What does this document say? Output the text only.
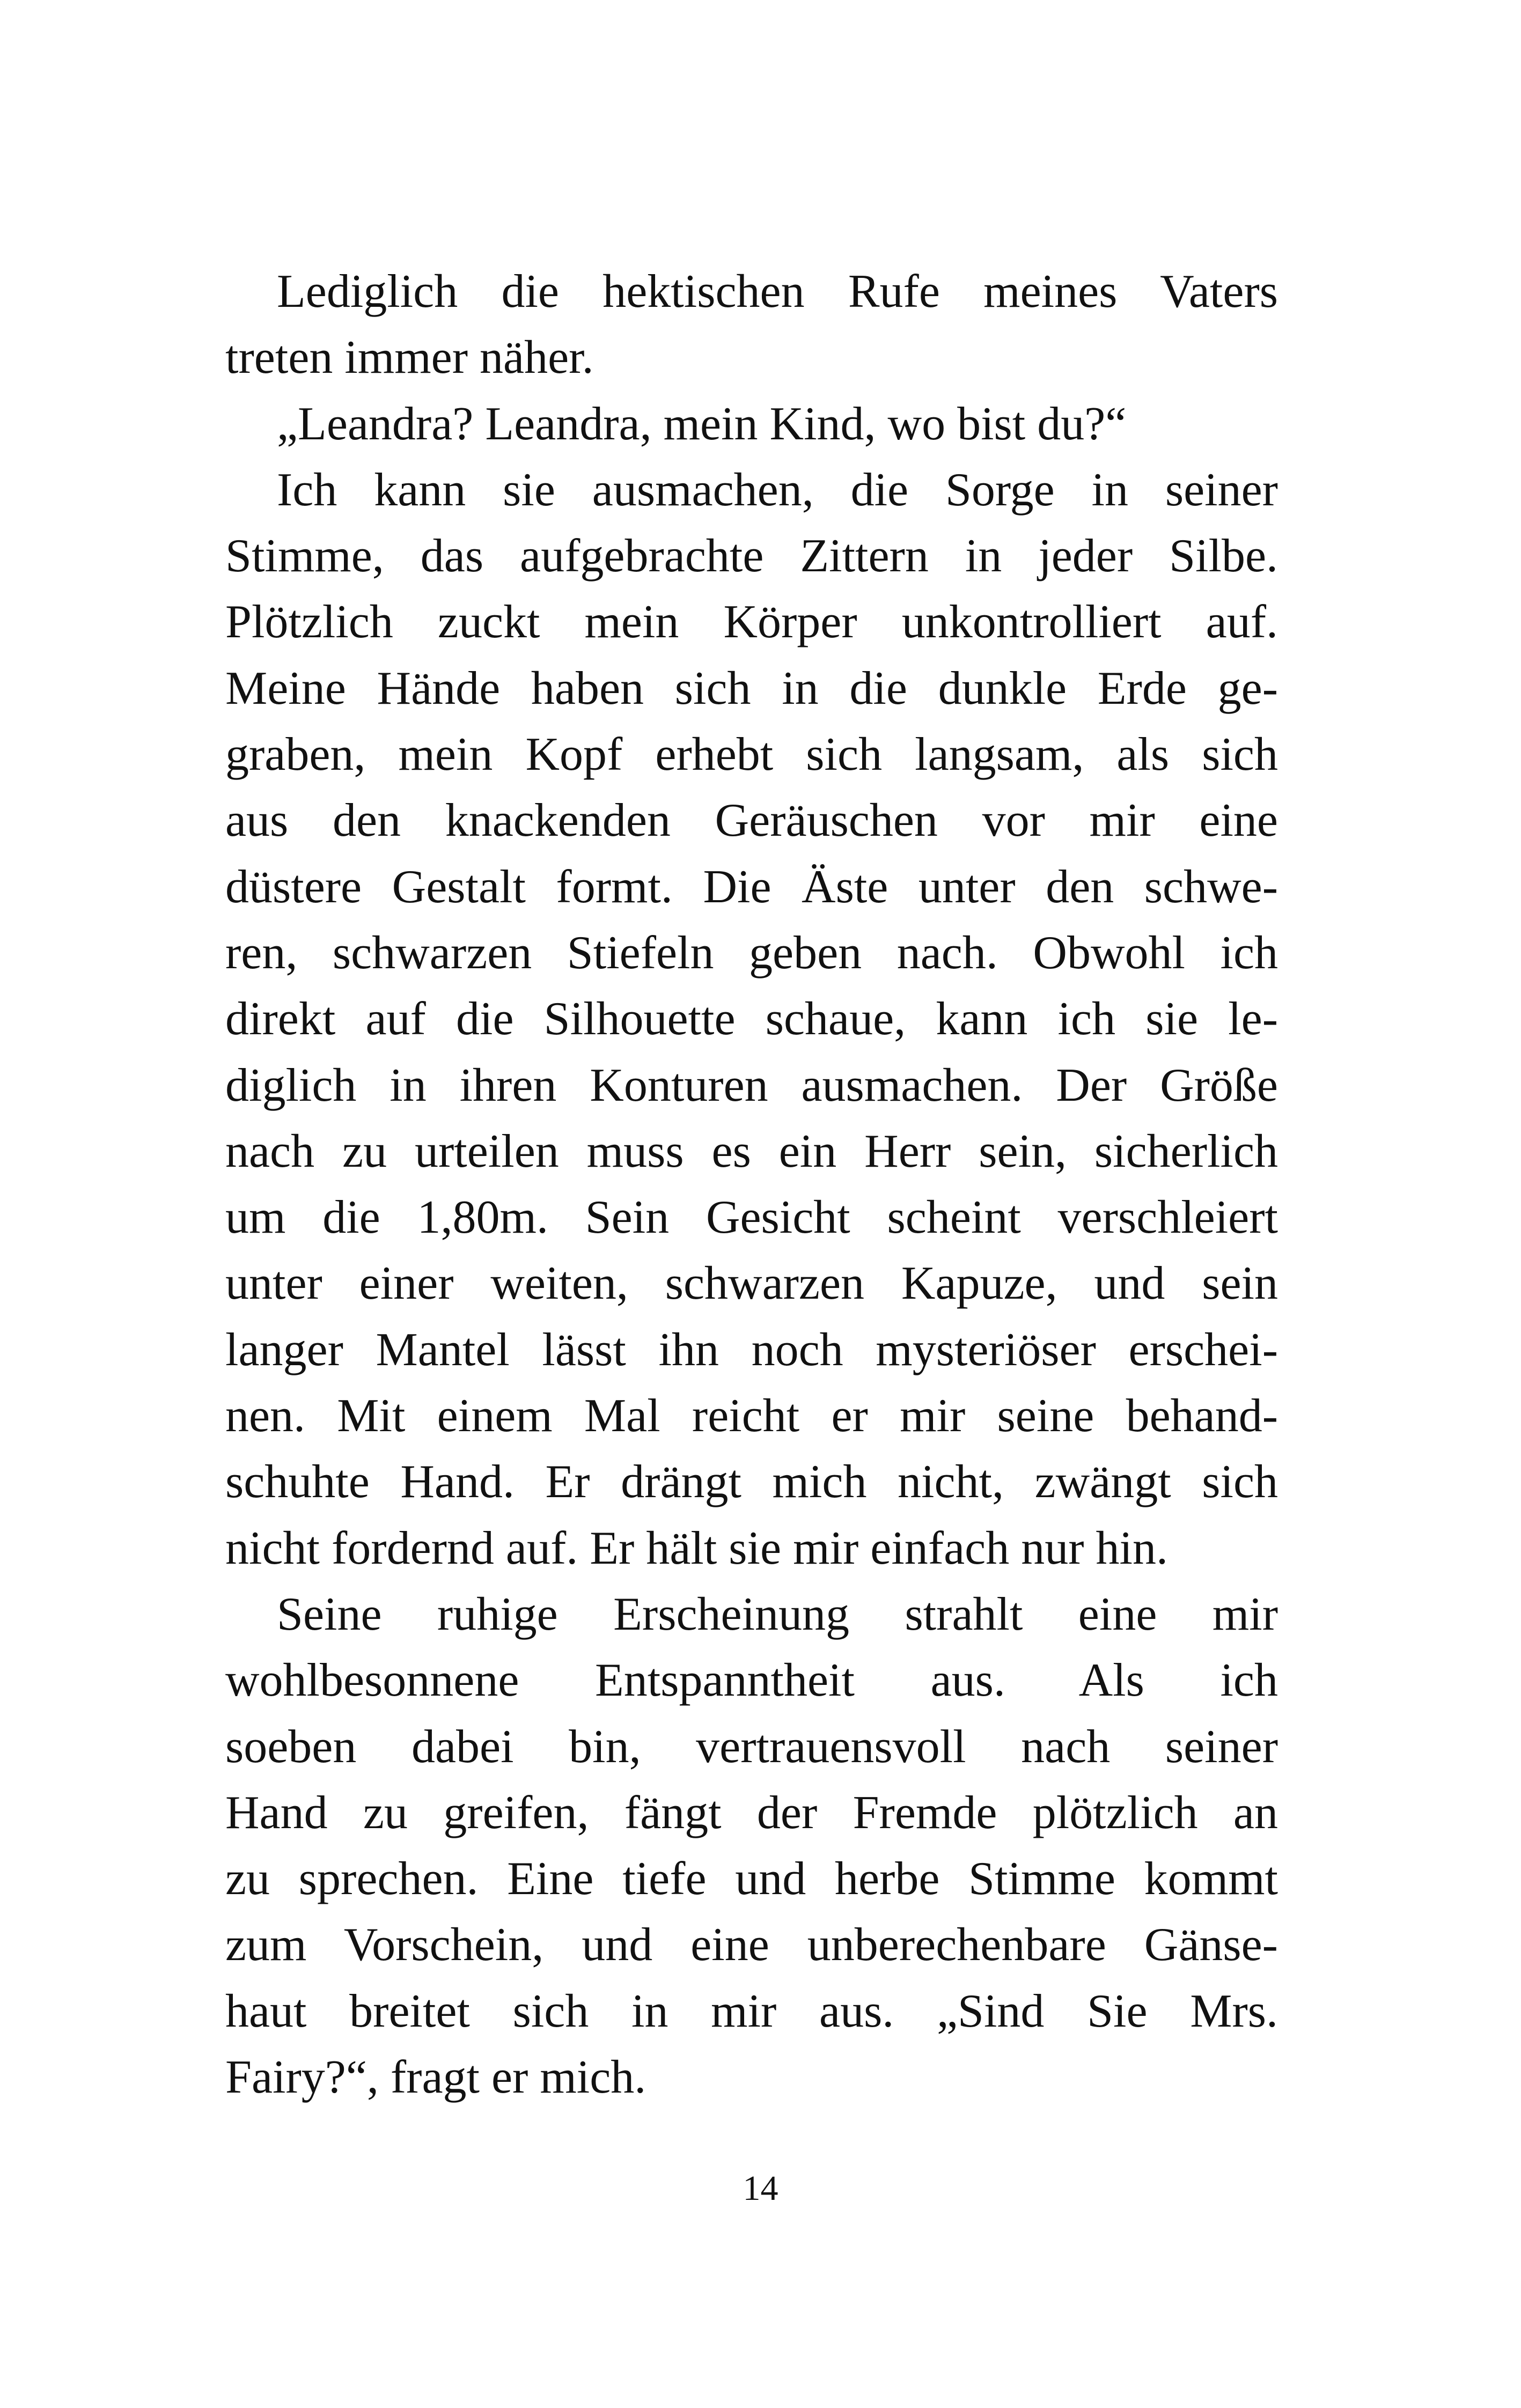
Lediglich die hektischen Rufe meines Vaters
treten immer näher.
„Leandra? Leandra, mein Kind, wo bist du?“
Ich kann sie ausmachen, die Sorge in seiner
Stimme, das aufgebrachte Zittern in jeder Silbe.
Plötzlich zuckt mein Körper unkontrolliert auf.
Meine Hände haben sich in die dunkle Erde ge-
graben, mein Kopf erhebt sich langsam, als sich
aus den knackenden Geräuschen vor mir eine
düstere Gestalt formt. Die Äste unter den schwe-
ren, schwarzen Stiefeln geben nach. Obwohl ich
direkt auf die Silhouette schaue, kann ich sie le-
diglich in ihren Konturen ausmachen. Der Größe
nach zu urteilen muss es ein Herr sein, sicherlich
um die 1,80m. Sein Gesicht scheint verschleiert
unter einer weiten, schwarzen Kapuze, und sein
langer Mantel lässt ihn noch mysteriöser erschei-
nen. Mit einem Mal reicht er mir seine behand-
schuhte Hand. Er drängt mich nicht, zwängt sich
nicht fordernd auf. Er hält sie mir einfach nur hin.
Seine ruhige Erscheinung strahlt eine mir
wohlbesonnene Entspanntheit aus. Als ich
soeben dabei bin, vertrauensvoll nach seiner
Hand zu greifen, fängt der Fremde plötzlich an
zu sprechen. Eine tiefe und herbe Stimme kommt
zum Vorschein, und eine unberechenbare Gänse-
haut breitet sich in mir aus. „Sind Sie Mrs.
Fairy?“, fragt er mich.
14
